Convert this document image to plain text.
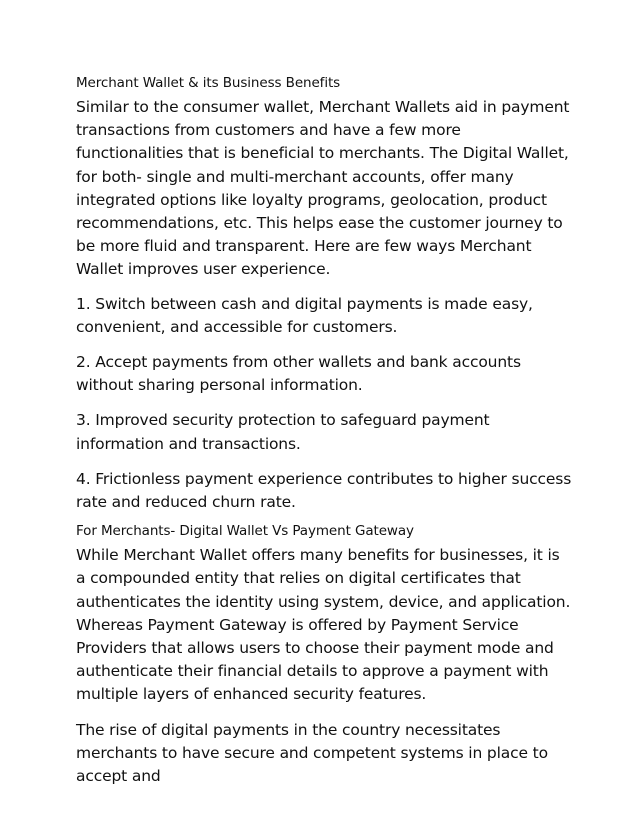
Merchant Wallet & its Business Benefits
Similar to the consumer wallet, Merchant Wallets aid in payment transactions from customers and have a few more functionalities that is beneficial to merchants. The Digital Wallet, for both- single and multi-merchant accounts, offer many integrated options like loyalty programs, geolocation, product recommendations, etc. This helps ease the customer journey to be more fluid and transparent. Here are few ways Merchant Wallet improves user experience.
1. Switch between cash and digital payments is made easy, convenient, and accessible for customers.
2. Accept payments from other wallets and bank accounts without sharing personal information.
3. Improved security protection to safeguard payment information and transactions.
4. Frictionless payment experience contributes to higher success rate and reduced churn rate.
For Merchants- Digital Wallet Vs Payment Gateway
While Merchant Wallet offers many benefits for businesses, it is a compounded entity that relies on digital certificates that authenticates the identity using system, device, and application. Whereas Payment Gateway is offered by Payment Service Providers that allows users to choose their payment mode and authenticate their financial details to approve a payment with multiple layers of enhanced security features.
The rise of digital payments in the country necessitates merchants to have secure and competent systems in place to accept and
